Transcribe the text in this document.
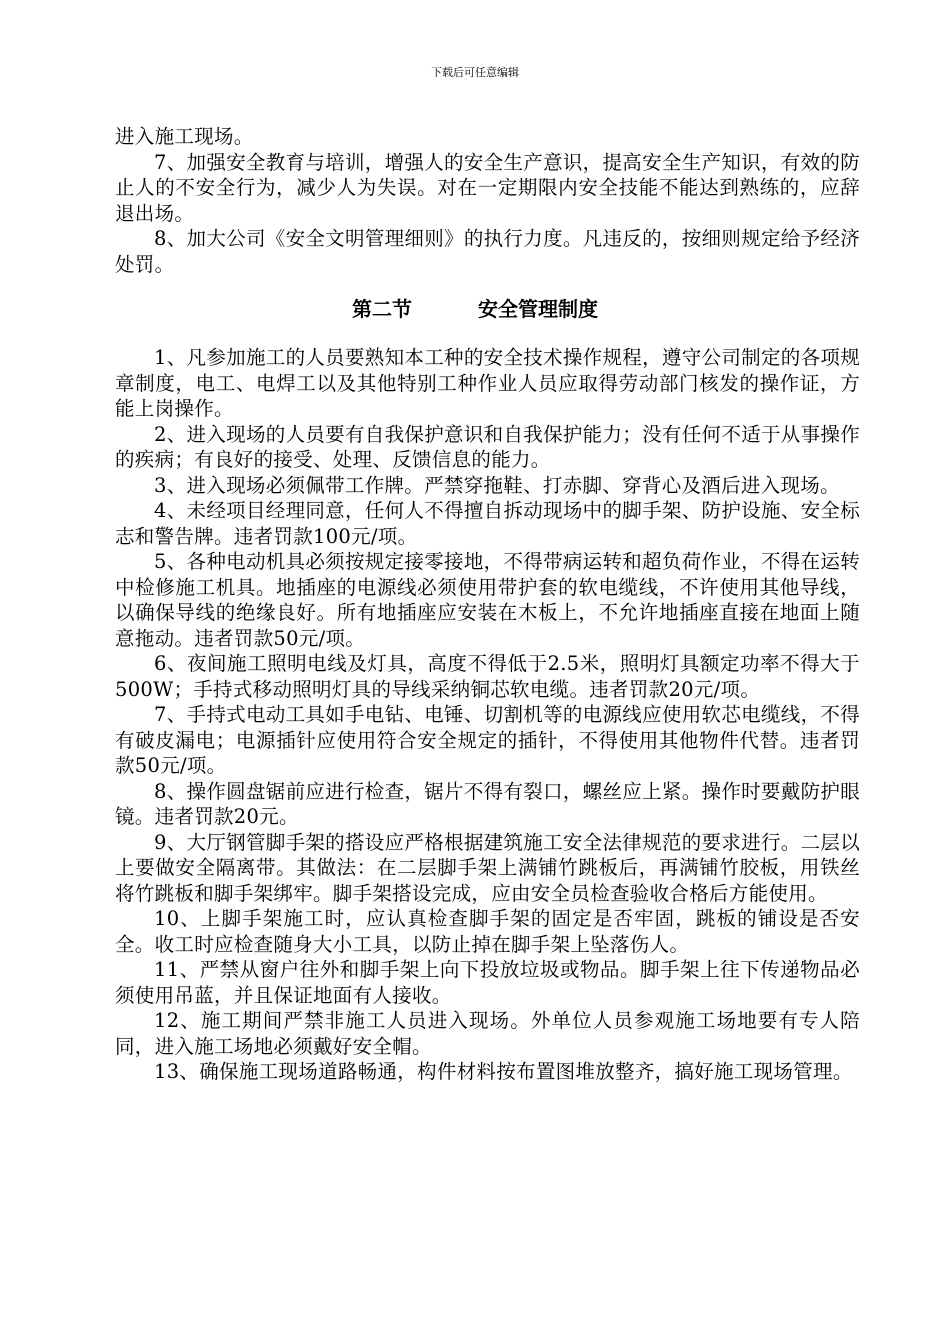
下载后可任意编辑

进入施工现场。

7、加强安全教育与培训，增强人的安全生产意识，提高安全生产知识，有效的防止人的不安全行为，减少人为失误。对在一定期限内安全技能不能达到熟练的，应辞退出场。

8、加大公司《安全文明管理细则》的执行力度。凡违反的，按细则规定给予经济处罚。

第二节	安全管理制度

1、凡参加施工的人员要熟知本工种的安全技术操作规程，遵守公司制定的各项规章制度，电工、电焊工以及其他特别工种作业人员应取得劳动部门核发的操作证，方能上岗操作。

2、进入现场的人员要有自我保护意识和自我保护能力；没有任何不适于从事操作的疾病；有良好的接受、处理、反馈信息的能力。

3、进入现场必须佩带工作牌。严禁穿拖鞋、打赤脚、穿背心及酒后进入现场。

4、未经项目经理同意，任何人不得擅自拆动现场中的脚手架、防护设施、安全标志和警告牌。违者罚款100元/项。

5、各种电动机具必须按规定接零接地，不得带病运转和超负荷作业，不得在运转中检修施工机具。地插座的电源线必须使用带护套的软电缆线，不许使用其他导线，以确保导线的绝缘良好。所有地插座应安装在木板上，不允许地插座直接在地面上随意拖动。违者罚款50元/项。

6、夜间施工照明电线及灯具，高度不得低于2.5米，照明灯具额定功率不得大于500W；手持式移动照明灯具的导线采纳铜芯软电缆。违者罚款20元/项。

7、手持式电动工具如手电钻、电锤、切割机等的电源线应使用软芯电缆线，不得有破皮漏电；电源插针应使用符合安全规定的插针，不得使用其他物件代替。违者罚款50元/项。

8、操作圆盘锯前应进行检查，锯片不得有裂口，螺丝应上紧。操作时要戴防护眼镜。违者罚款20元。

9、大厅钢管脚手架的搭设应严格根据建筑施工安全法律规范的要求进行。二层以上要做安全隔离带。其做法：在二层脚手架上满铺竹跳板后，再满铺竹胶板，用铁丝将竹跳板和脚手架绑牢。脚手架搭设完成，应由安全员检查验收合格后方能使用。

10、上脚手架施工时，应认真检查脚手架的固定是否牢固，跳板的铺设是否安全。收工时应检查随身大小工具，以防止掉在脚手架上坠落伤人。

11、严禁从窗户往外和脚手架上向下投放垃圾或物品。脚手架上往下传递物品必须使用吊蓝，并且保证地面有人接收。

12、施工期间严禁非施工人员进入现场。外单位人员参观施工场地要有专人陪同，进入施工场地必须戴好安全帽。

13、确保施工现场道路畅通，构件材料按布置图堆放整齐，搞好施工现场管理。
